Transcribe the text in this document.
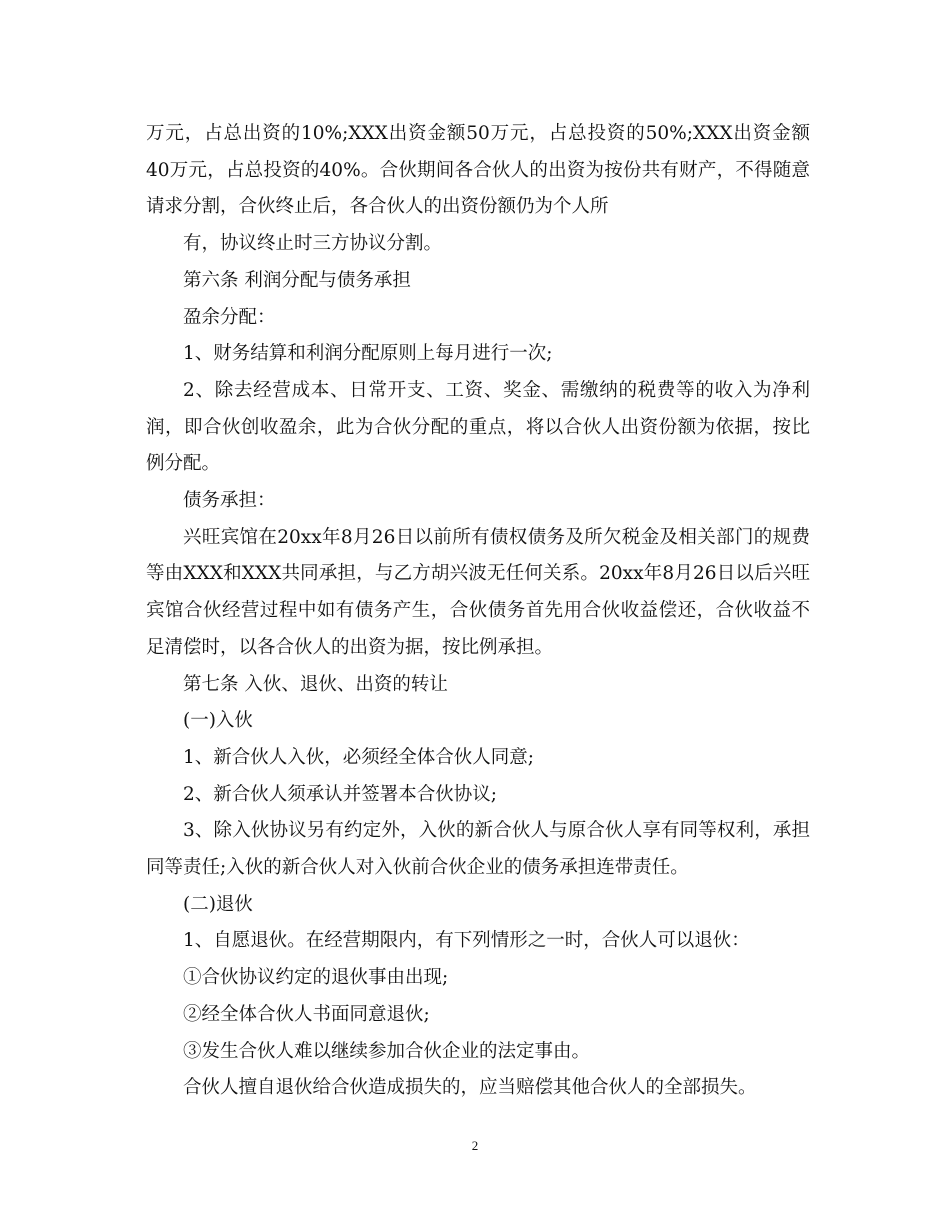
万元，占总出资的10%;XXX出资金额50万元，占总投资的50%;XXX出资金额40万元，占总投资的40%。合伙期间各合伙人的出资为按份共有财产，不得随意请求分割，合伙终止后，各合伙人的出资份额仍为个人所

有，协议终止时三方协议分割。

第六条 利润分配与债务承担

盈余分配：

1、财务结算和利润分配原则上每月进行一次;

2、除去经营成本、日常开支、工资、奖金、需缴纳的税费等的收入为净利润，即合伙创收盈余，此为合伙分配的重点，将以合伙人出资份额为依据，按比例分配。

债务承担：

兴旺宾馆在20xx年8月26日以前所有债权债务及所欠税金及相关部门的规费等由XXX和XXX共同承担，与乙方胡兴波无任何关系。20xx年8月26日以后兴旺宾馆合伙经营过程中如有债务产生，合伙债务首先用合伙收益偿还，合伙收益不足清偿时，以各合伙人的出资为据，按比例承担。

第七条 入伙、退伙、出资的转让

(一)入伙

1、新合伙人入伙，必须经全体合伙人同意;

2、新合伙人须承认并签署本合伙协议;

3、除入伙协议另有约定外，入伙的新合伙人与原合伙人享有同等权利，承担同等责任;入伙的新合伙人对入伙前合伙企业的债务承担连带责任。

(二)退伙

1、自愿退伙。在经营期限内，有下列情形之一时，合伙人可以退伙：

①合伙协议约定的退伙事由出现;

②经全体合伙人书面同意退伙;

③发生合伙人难以继续参加合伙企业的法定事由。

合伙人擅自退伙给合伙造成损失的，应当赔偿其他合伙人的全部损失。

2
